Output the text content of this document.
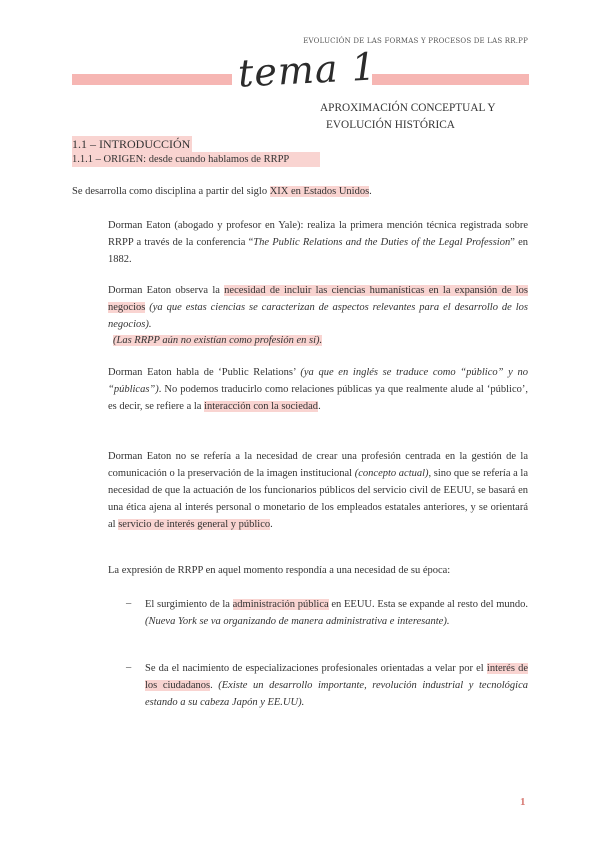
EVOLUCIÓN DE LAS FORMAS Y PROCESOS DE LAS RR.PP
tema 1
APROXIMACIÓN CONCEPTUAL Y
EVOLUCIÓN HISTÓRICA
1.1 – INTRODUCCIÓN
1.1.1 – ORIGEN: desde cuando hablamos de RRPP
Se desarrolla como disciplina a partir del siglo XIX en Estados Unidos.
Dorman Eaton (abogado y profesor en Yale): realiza la primera mención técnica registrada sobre RRPP a través de la conferencia “The Public Relations and the Duties of the Legal Profession” en 1882.
Dorman Eaton observa la necesidad de incluir las ciencias humanísticas en la expansión de los negocios (ya que estas ciencias se caracterizan de aspectos relevantes para el desarrollo de los negocios).
(Las RRPP aún no existían como profesión en sí).
Dorman Eaton habla de ‘Public Relations’ (ya que en inglés se traduce como “público” y no “públicas”). No podemos traducirlo como relaciones públicas ya que realmente alude al ‘público’, es decir, se refiere a la interacción con la sociedad.
Dorman Eaton no se refería a la necesidad de crear una profesión centrada en la gestión de la comunicación o la preservación de la imagen institucional (concepto actual), sino que se refería a la necesidad de que la actuación de los funcionarios públicos del servicio civil de EEUU, se basará en una ética ajena al interés personal o monetario de los empleados estatales anteriores, y se orientará al servicio de interés general y público.
La expresión de RRPP en aquel momento respondía a una necesidad de su época:
– El surgimiento de la administración pública en EEUU. Esta se expande al resto del mundo. (Nueva York se va organizando de manera administrativa e interesante).
– Se da el nacimiento de especializaciones profesionales orientadas a velar por el interés de los ciudadanos. (Existe un desarrollo importante, revolución industrial y tecnológica estando a su cabeza Japón y EE.UU).
1
